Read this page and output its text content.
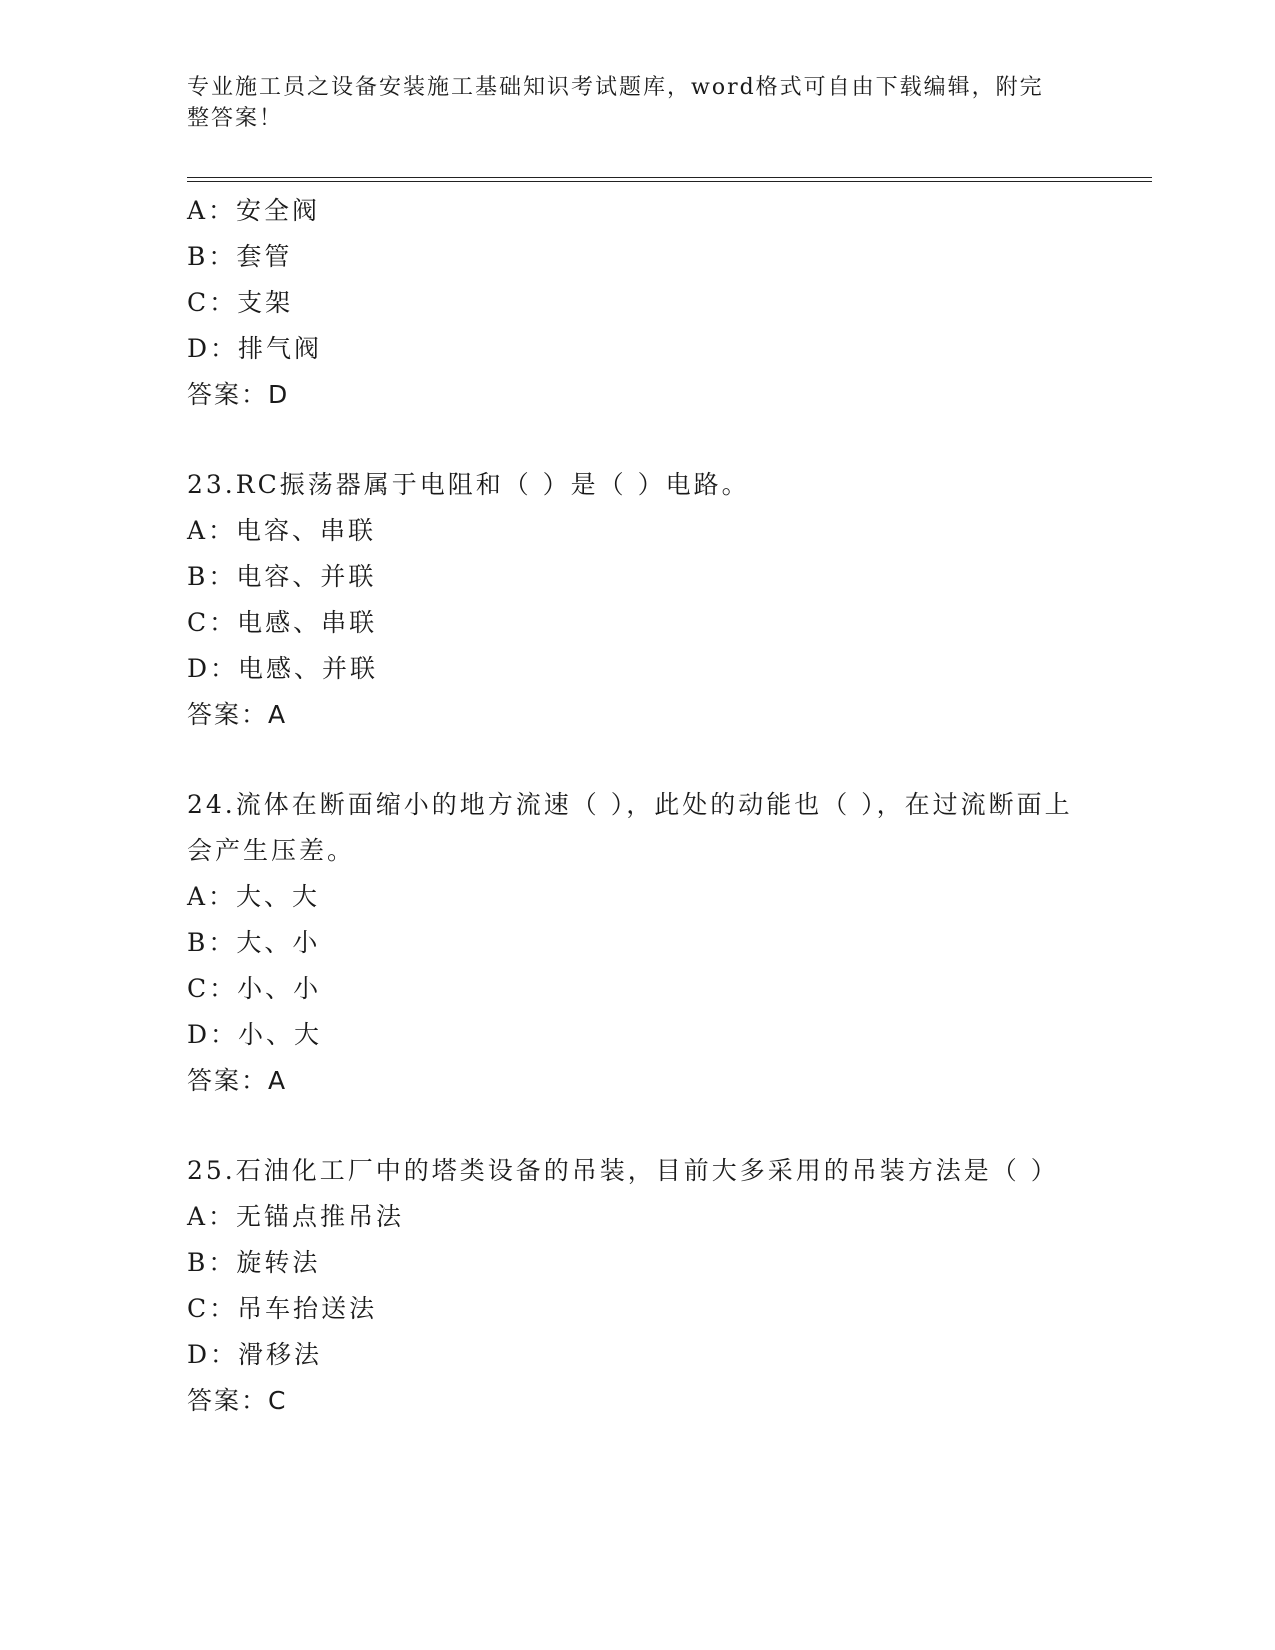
专业施工员之设备安装施工基础知识考试题库，word格式可自由下载编辑，附完整答案！
A：安全阀
B：套管
C：支架
D：排气阀
答案：D
23.RC振荡器属于电阻和（ ）是（ ）电路。
A：电容、串联
B：电容、并联
C：电感、串联
D：电感、并联
答案：A
24.流体在断面缩小的地方流速（ ），此处的动能也（ ），在过流断面上会产生压差。
A：大、大
B：大、小
C：小、小
D：小、大
答案：A
25.石油化工厂中的塔类设备的吊装，目前大多采用的吊装方法是（ ）
A：无锚点推吊法
B：旋转法
C：吊车抬送法
D：滑移法
答案：C
